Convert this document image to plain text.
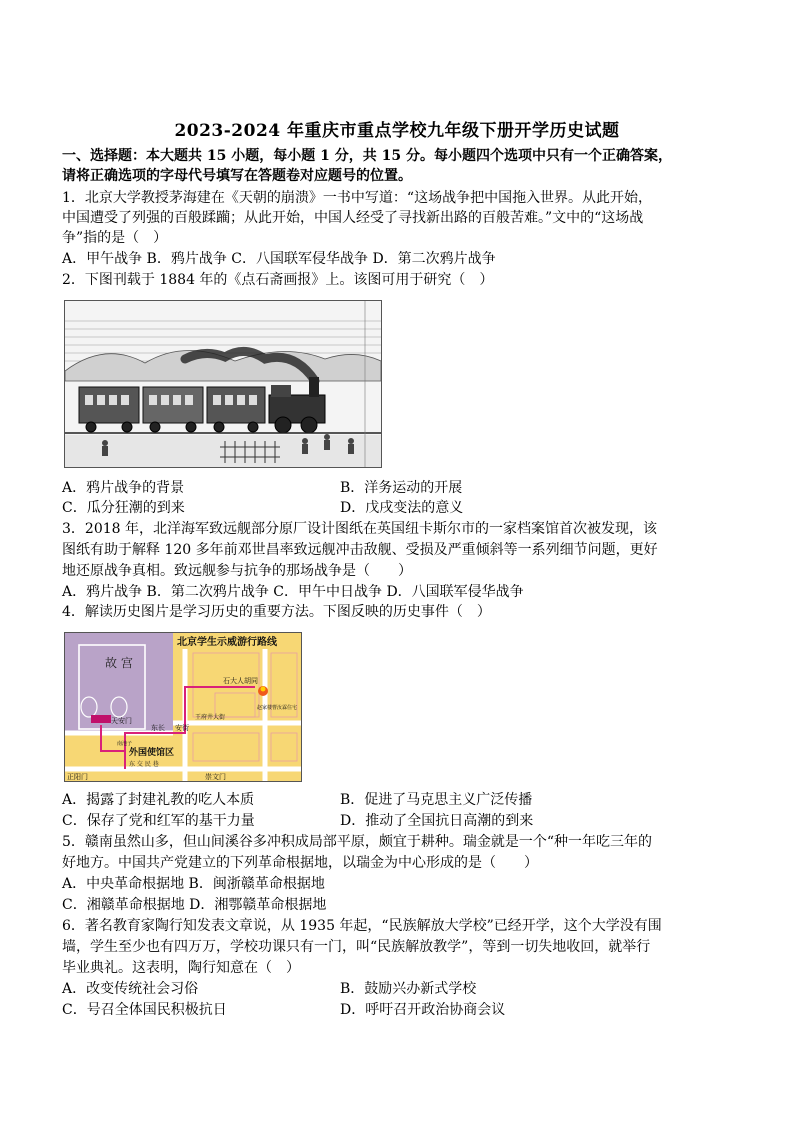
2023-2024 年重庆市重点学校九年级下册开学历史试题
一、选择题：本大题共 15 小题，每小题 1 分，共 15 分。每小题四个选项中只有一个正确答案，
请将正确选项的字母代号填写在答题卷对应题号的位置。
1．北京大学教授茅海建在《天朝的崩溃》一书中写道：“这场战争把中国拖入世界。从此开始，
中国遭受了列强的百般蹂躏；从此开始，中国人经受了寻找新出路的百般苦难。”文中的“这场战
争”指的是（　）
A．甲午战争 B．鸦片战争 C．八国联军侵华战争 D．第二次鸦片战争
2．下图刊载于 1884 年的《点石斋画报》上。该图可用于研究（　）
A．鸦片战争的背景	B．洋务运动的开展
C．瓜分狂潮的到来	D．戊戌变法的意义
3．2018 年，北洋海军致远舰部分原厂设计图纸在英国纽卡斯尔市的一家档案馆首次被发现，该
图纸有助于解释 120 多年前邓世昌率致远舰冲击敌舰、受损及严重倾斜等一系列细节问题，更好
地还原战争真相。致远舰参与抗争的那场战争是（　　）
A．鸦片战争 B．第二次鸦片战争 C．甲午中日战争 D．八国联军侵华战争
4．解读历史图片是学习历史的重要方法。下图反映的历史事件（　）
故 宫
北京学生示威游行路线
天安门
石大人胡同
赵家楼曹汝霖住宅
王府井大街
东长 安街
外国使馆区
东 交 民 巷
正阳门	崇文门
南池子
A．揭露了封建礼教的吃人本质	B．促进了马克思主义广泛传播
C．保存了党和红军的基干力量	D．推动了全国抗日高潮的到来
5．赣南虽然山多，但山间溪谷多冲积成局部平原，颇宜于耕种。瑞金就是一个“种一年吃三年的
好地方。中国共产党建立的下列革命根据地，以瑞金为中心形成的是（　　）
A．中央革命根据地 B．闽浙赣革命根据地
C．湘赣革命根据地 D．湘鄂赣革命根据地
6．著名教育家陶行知发表文章说，从 1935 年起，“民族解放大学校”已经开学，这个大学没有围
墙，学生至少也有四万万，学校功课只有一门，叫“民族解放教学”，等到一切失地收回，就举行
毕业典礼。这表明，陶行知意在（　）
A．改变传统社会习俗	B．鼓励兴办新式学校
C．号召全体国民积极抗日	D．呼吁召开政治协商会议
